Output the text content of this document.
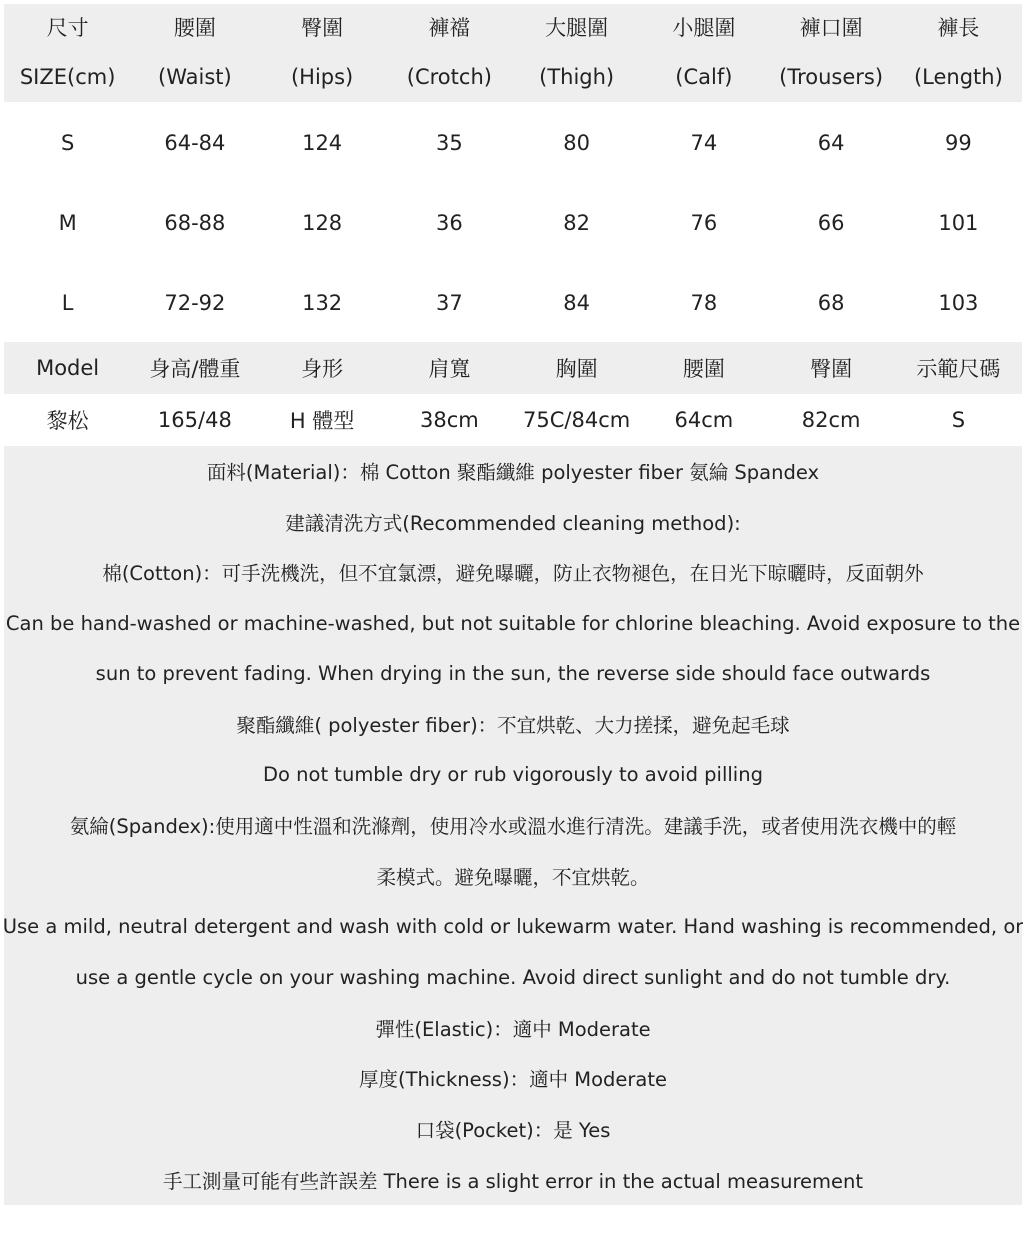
尺寸	腰圍	臀圍	褲襠	大腿圍	小腿圍	褲口圍	褲長
SIZE(cm)	(Waist)	(Hips)	(Crotch)	(Thigh)	(Calf)	(Trousers)	(Length)
S	64-84	124	35	80	74	64	99
M	68-88	128	36	82	76	66	101
L	72-92	132	37	84	78	68	103
Model	身高/體重	身形	肩寬	胸圍	腰圍	臀圍	示範尺碼
黎松	165/48	H 體型	38cm	75C/84cm	64cm	82cm	S
面料(Material)：棉 Cotton 聚酯纖維 polyester fiber 氨綸 Spandex
建議清洗方式(Recommended cleaning method):
棉(Cotton)：可手洗機洗，但不宜氯漂，避免曝曬，防止衣物褪色，在日光下晾曬時，反面朝外
Can be hand-washed or machine-washed, but not suitable for chlorine bleaching. Avoid exposure to the
sun to prevent fading. When drying in the sun, the reverse side should face outwards
聚酯纖維( polyester fiber)：不宜烘乾、大力搓揉，避免起毛球
Do not tumble dry or rub vigorously to avoid pilling
氨綸(Spandex):使用適中性溫和洗滌劑，使用冷水或溫水進行清洗。建議手洗，或者使用洗衣機中的輕
柔模式。避免曝曬，不宜烘乾。
Use a mild, neutral detergent and wash with cold or lukewarm water. Hand washing is recommended, or
use a gentle cycle on your washing machine. Avoid direct sunlight and do not tumble dry.
彈性(Elastic)：適中 Moderate
厚度(Thickness)：適中 Moderate
口袋(Pocket)：是 Yes
手工測量可能有些許誤差 There is a slight error in the actual measurement
